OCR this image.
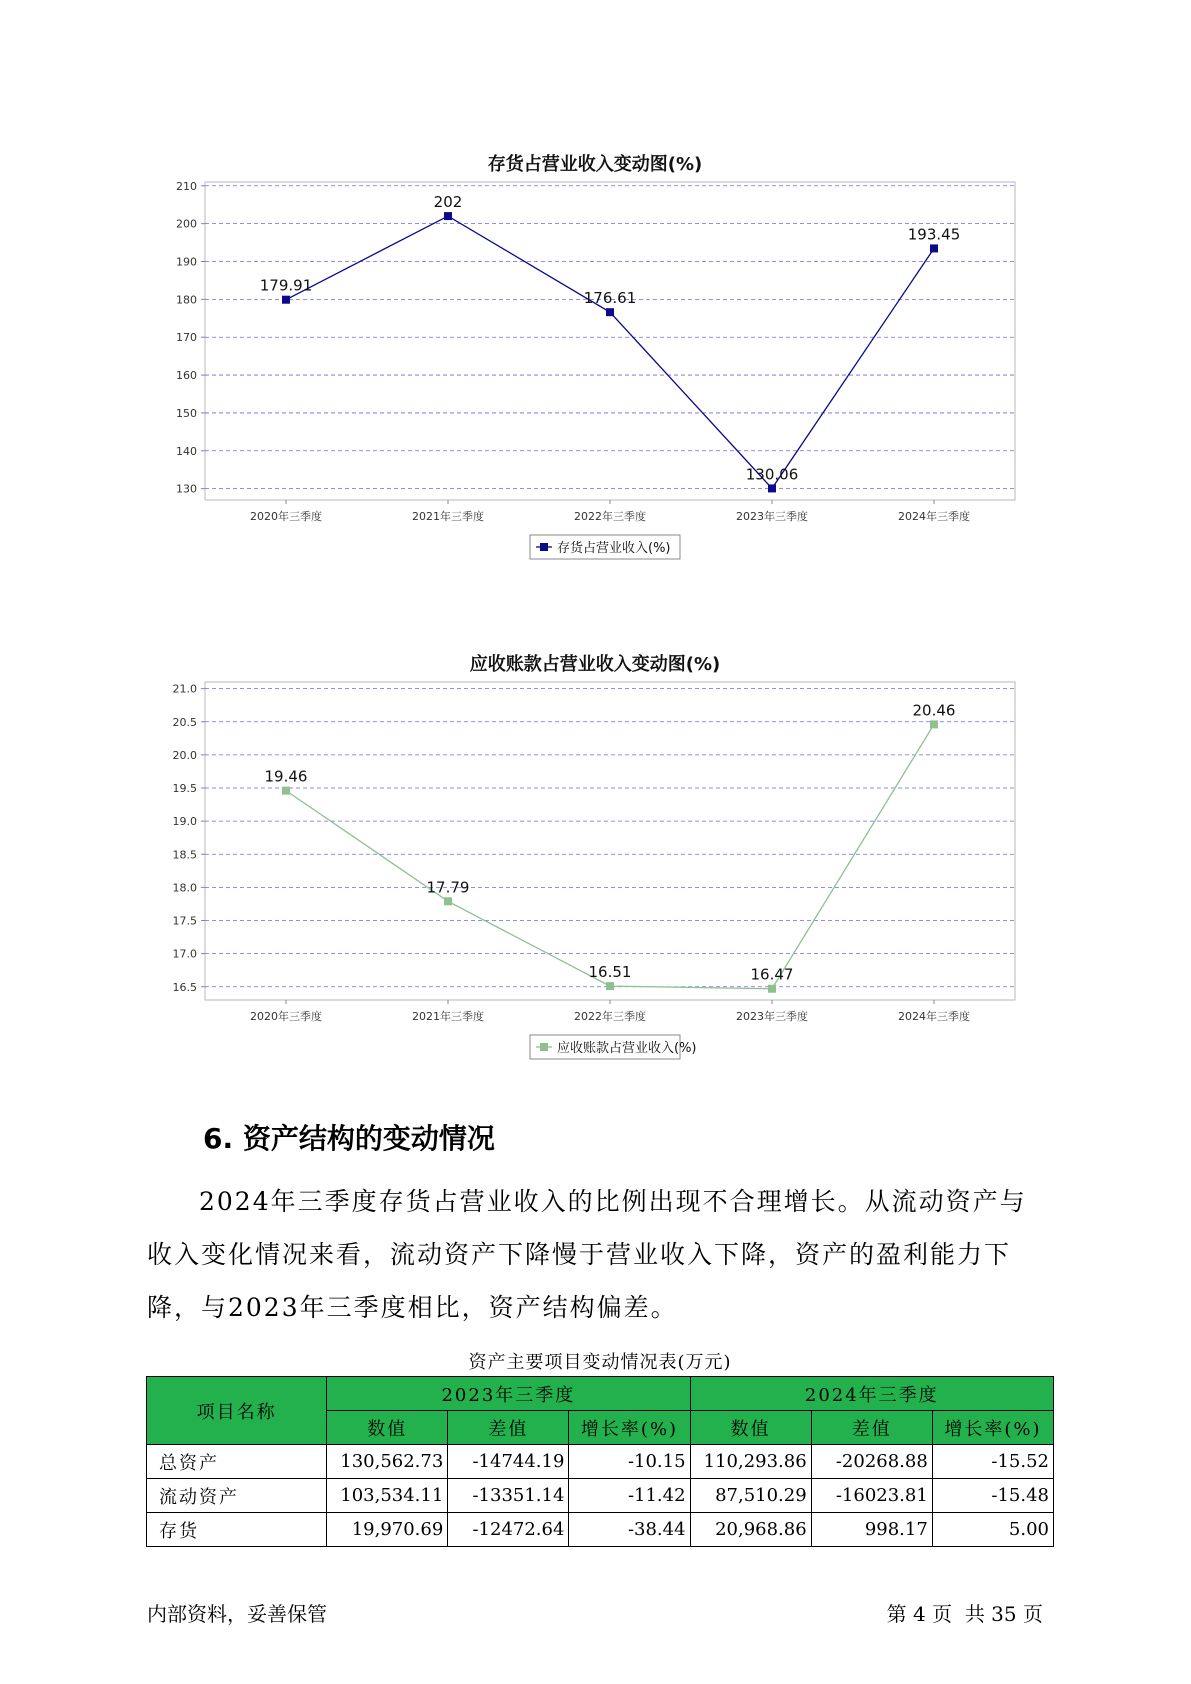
存货占营业收入变动图(%)
130
140
150
160
170
180
190
200
210
2020年三季度	2021年三季度	2022年三季度	2023年三季度	2024年三季度
179.91
202
176.61
130.06
193.45
存货占营业收入(%)
应收账款占营业收入变动图(%)
16.5
17.0
17.5
18.0
18.5
19.0
19.5
20.0
20.5
21.0
2020年三季度	2021年三季度	2022年三季度	2023年三季度	2024年三季度
19.46
17.79
16.51	16.47
20.46
应收账款占营业收入(%)
6. 资产结构的变动情况
2024年三季度存货占营业收入的比例出现不合理增长。从流动资产与收入变化情况来看，流动资产下降慢于营业收入下降，资产的盈利能力下降，与2023年三季度相比，资产结构偏差。
资产主要项目变动情况表(万元)
项目名称	2023年三季度			2024年三季度		
	数值	差值	增长率(%)	数值	差值	增长率(%)
总资产	130,562.73	-14744.19	-10.15	110,293.86	-20268.88	-15.52
流动资产	103,534.11	-13351.14	-11.42	87,510.29	-16023.81	-15.48
存货	19,970.69	-12472.64	-38.44	20,968.86	998.17	5.00
内部资料，妥善保管	第 4 页  共 35 页
